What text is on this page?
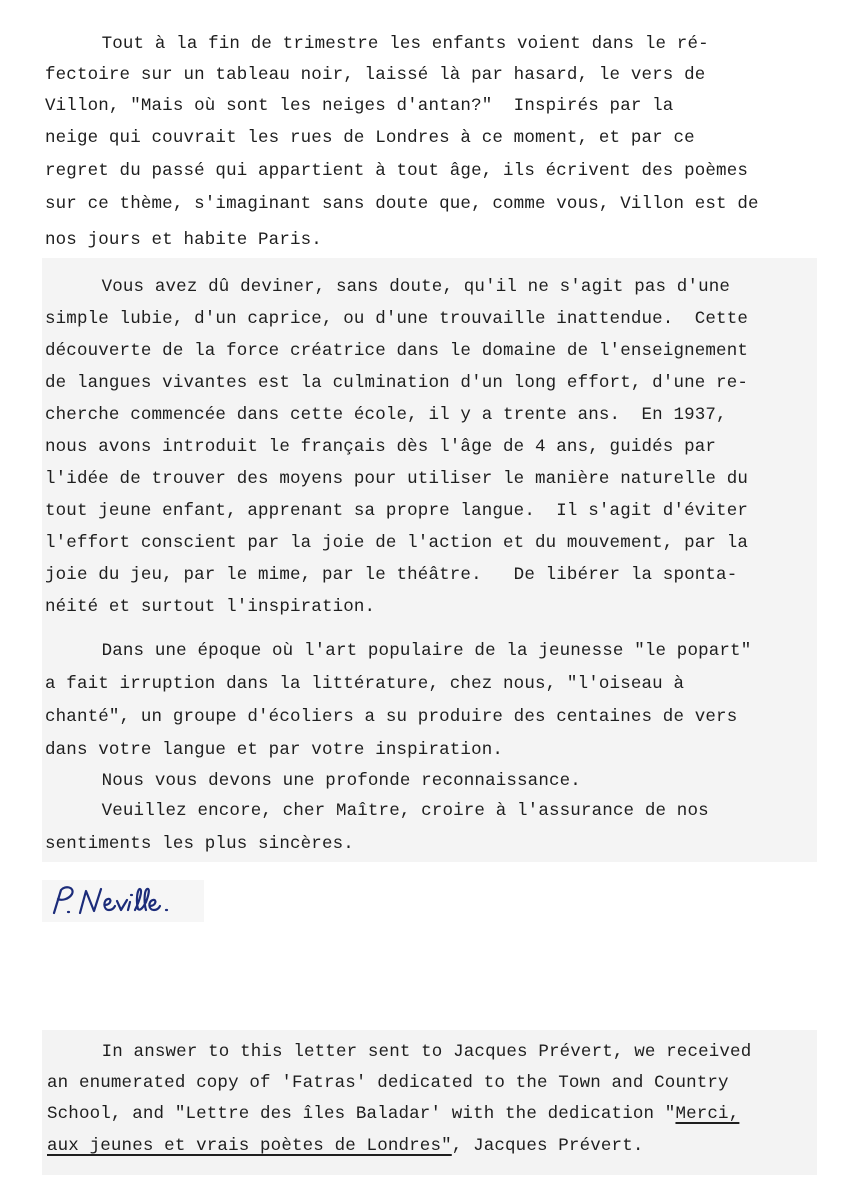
Tout à la fin de trimestre les enfants voient dans le ré-
fectoire sur un tableau noir, laissé là par hasard, le vers de
Villon, "Mais où sont les neiges d'antan?"  Inspirés par la
neige qui couvrait les rues de Londres à ce moment, et par ce
regret du passé qui appartient à tout âge, ils écrivent des poèmes
sur ce thème, s'imaginant sans doute que, comme vous, Villon est de
nos jours et habite Paris.
Vous avez dû deviner, sans doute, qu'il ne s'agit pas d'une
simple lubie, d'un caprice, ou d'une trouvaille inattendue.  Cette
découverte de la force créatrice dans le domaine de l'enseignement
de langues vivantes est la culmination d'un long effort, d'une re-
cherche commencée dans cette école, il y a trente ans.  En 1937,
nous avons introduit le français dès l'âge de 4 ans, guidés par
l'idée de trouver des moyens pour utiliser le manière naturelle du
tout jeune enfant, apprenant sa propre langue.  Il s'agit d'éviter
l'effort conscient par la joie de l'action et du mouvement, par la
joie du jeu, par le mime, par le théâtre.   De libérer la sponta-
néité et surtout l'inspiration.
Dans une époque où l'art populaire de la jeunesse "le popart"
a fait irruption dans la littérature, chez nous, "l'oiseau à
chanté", un groupe d'écoliers a su produire des centaines de vers
dans votre langue et par votre inspiration.
Nous vous devons une profonde reconnaissance.
Veuillez encore, cher Maître, croire à l'assurance de nos
sentiments les plus sincères.
In answer to this letter sent to Jacques Prévert, we received
an enumerated copy of 'Fatras' dedicated to the Town and Country
School, and "Lettre des îles Baladar' with the dedication "Merci,
aux jeunes et vrais poètes de Londres", Jacques Prévert.
